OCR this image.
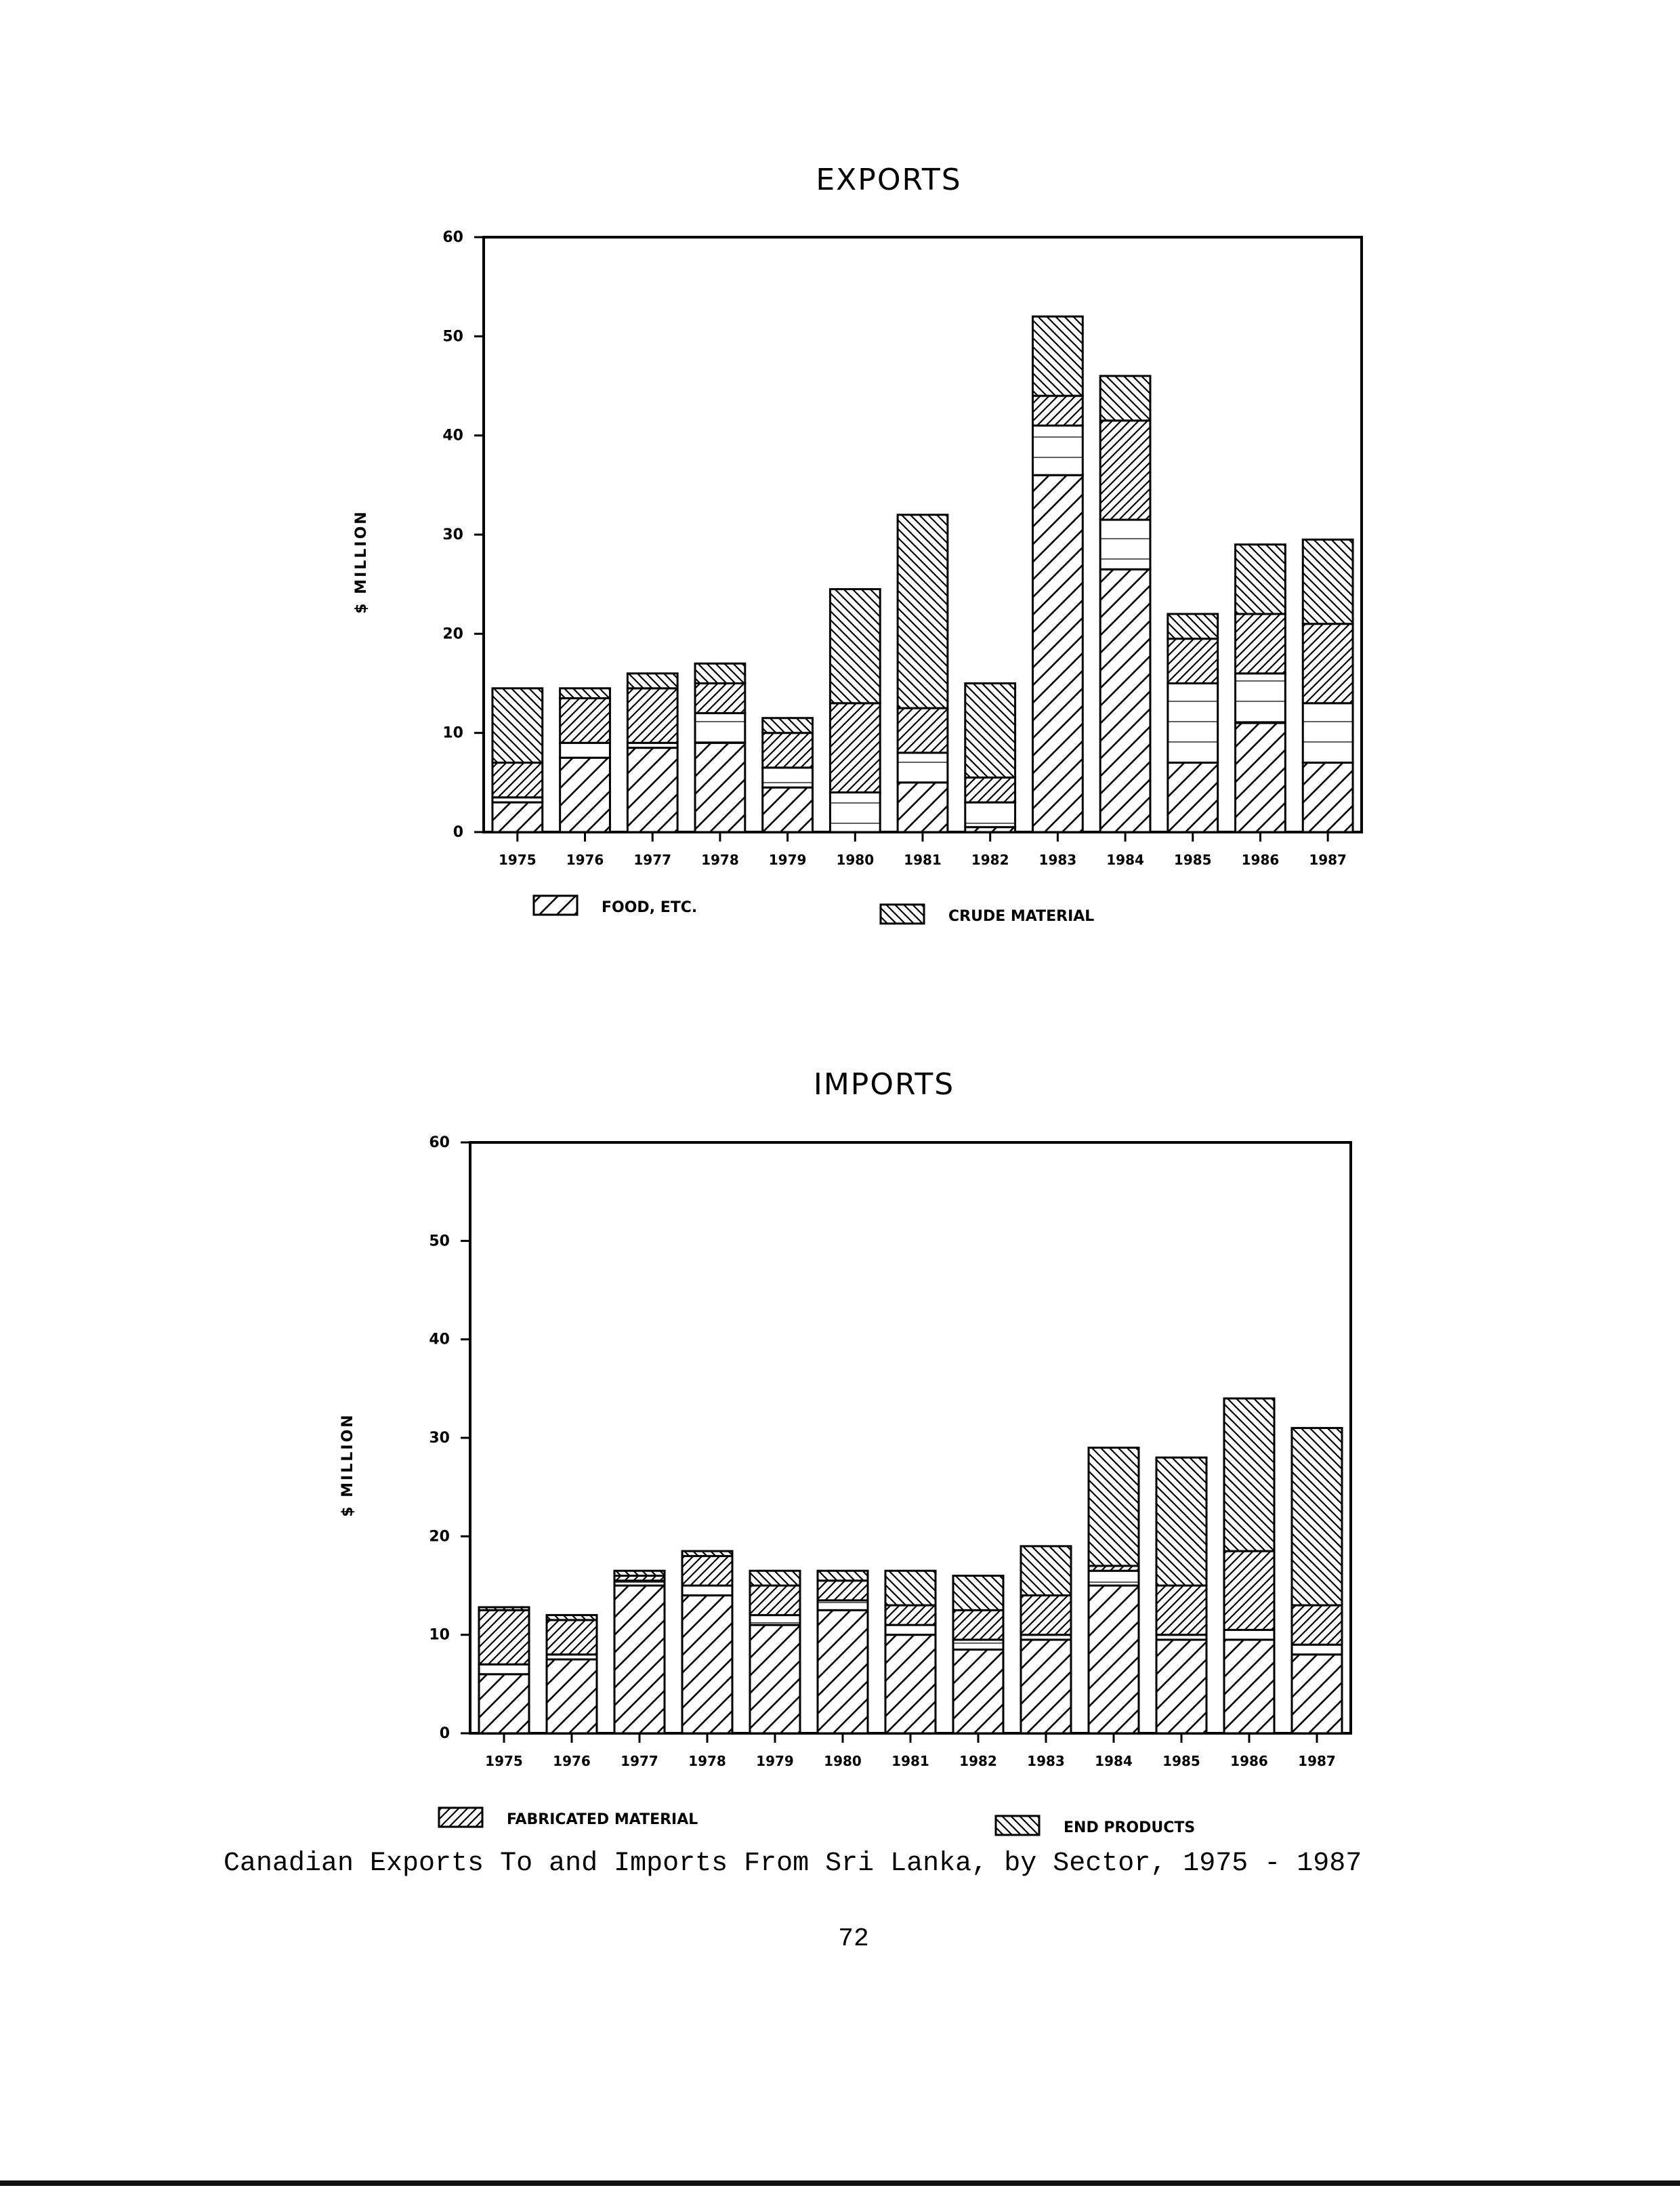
EXPORTS
0
10
20
30
40
50
60
$ MILLION
1975 1976 1977 1978 1979 1980 1981 1982 1983 1984 1985 1986 1987
FOOD, ETC.
CRUDE MATERIAL
IMPORTS
0
10
20
30
40
50
60
$ MILLION
1975 1976 1977 1978 1979 1980 1981 1982 1983 1984 1985 1986 1987
FABRICATED MATERIAL	END PRODUCTS
Canadian Exports To and Imports From Sri Lanka, by Sector, 1975 - 1987
72
